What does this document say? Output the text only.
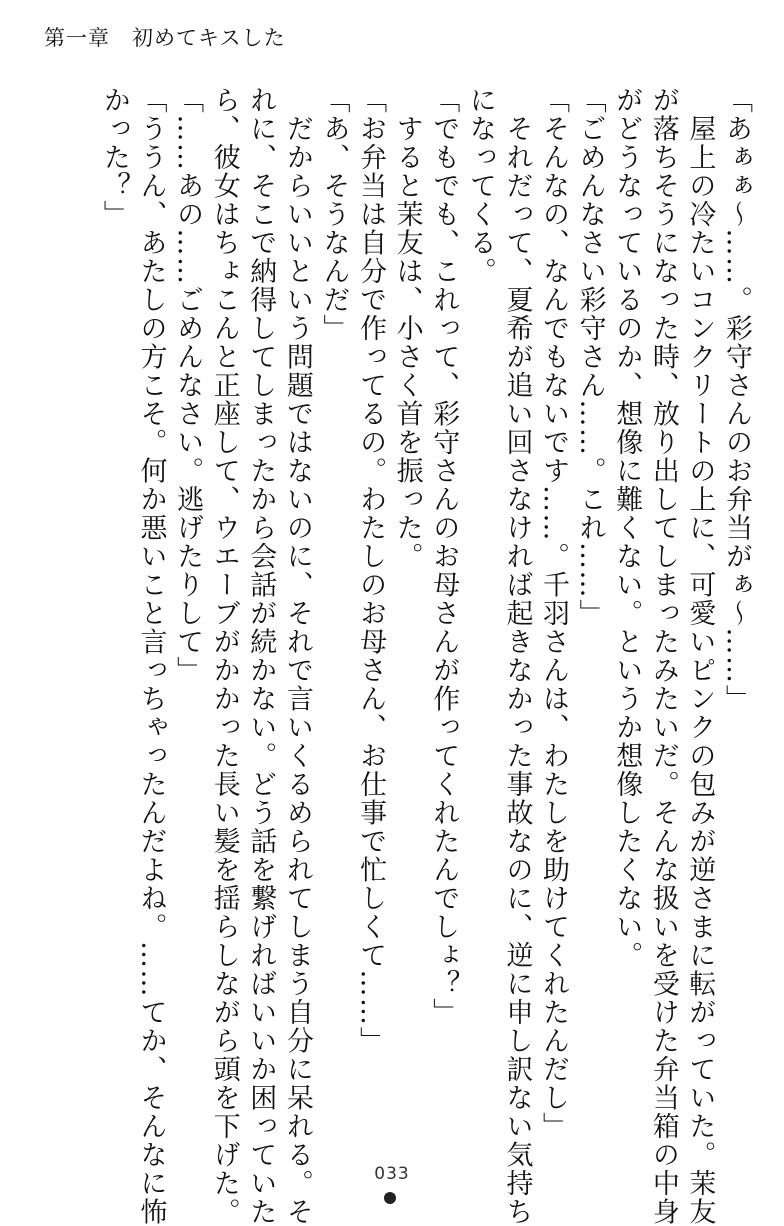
第一章　初めてキスした
「あぁぁ〜……。彩守さんのお弁当がぁ〜……」
　屋上の冷たいコンクリートの上に、可愛いピンクの包みが逆さまに転がっていた。茉友
が落ちそうになった時、放り出してしまったみたいだ。そんな扱いを受けた弁当箱の中身
がどうなっているのか、想像に難くない。というか想像したくない。
「ごめんなさい彩守さん……。これ……」
「そんなの、なんでもないです……。千羽さんは、わたしを助けてくれたんだし」
　それだって、夏希が追い回さなければ起きなかった事故なのに、逆に申し訳ない気持ち
になってくる。
「でもでも、これって、彩守さんのお母さんが作ってくれたんでしょ？」
　すると茉友は、小さく首を振った。
「お弁当は自分で作ってるの。わたしのお母さん、お仕事で忙しくて……」
「あ、そうなんだ」
　だからいいという問題ではないのに、それで言いくるめられてしまう自分に呆れる。そ
れに、そこで納得してしまったから会話が続かない。どう話を繋げればいいか困っていた
ら、彼女はちょこんと正座して、ウエーブがかかった長い髪を揺らしながら頭を下げた。
「……あの……ごめんなさい。逃げたりして」
「ううん、あたしの方こそ。何か悪いこと言っちゃったんだよね。……てか、そんなに怖
かった？」
033
